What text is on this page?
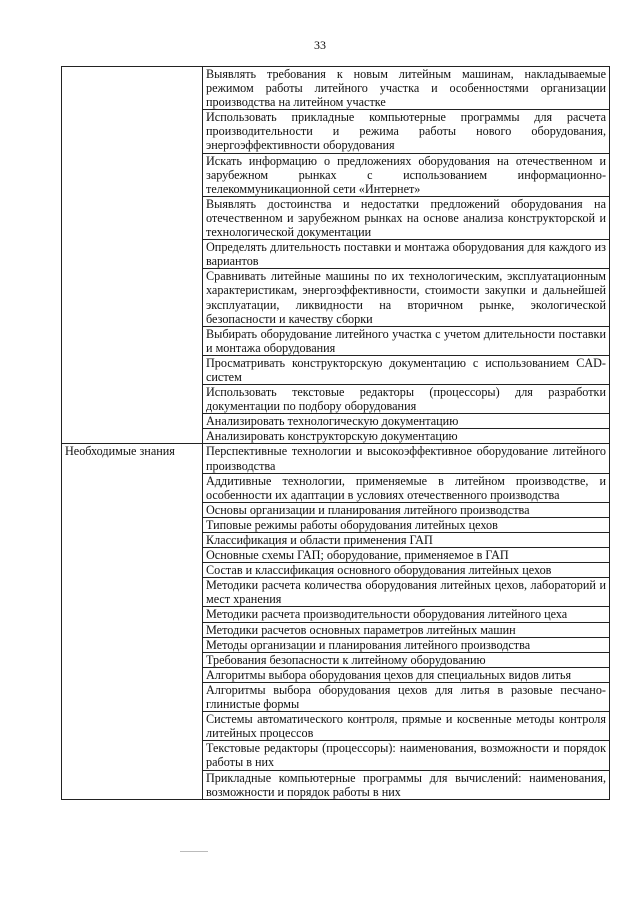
33
	Выявлять требования к новым литейным машинам, накладываемые режимом работы литейного участка и особенностями организации производства на литейном участке
	Использовать прикладные компьютерные программы для расчета производительности и режима работы нового оборудования, энергоэффективности оборудования
	Искать информацию о предложениях оборудования на отечественном и зарубежном рынках с использованием информационно-телекоммуникационной сети «Интернет»
	Выявлять достоинства и недостатки предложений оборудования на отечественном и зарубежном рынках на основе анализа конструкторской и технологической документации
	Определять длительность поставки и монтажа оборудования для каждого из вариантов
	Сравнивать литейные машины по их технологическим, эксплуатационным характеристикам, энергоэффективности, стоимости закупки и дальнейшей эксплуатации, ликвидности на вторичном рынке, экологической безопасности и качеству сборки
	Выбирать оборудование литейного участка с учетом длительности поставки и монтажа оборудования
	Просматривать конструкторскую документацию с использованием CAD-систем
	Использовать текстовые редакторы (процессоры) для разработки документации по подбору оборудования
	Анализировать технологическую документацию
	Анализировать конструкторскую документацию
Необходимые знания	Перспективные технологии и высокоэффективное оборудование литейного производства
	Аддитивные технологии, применяемые в литейном производстве, и особенности их адаптации в условиях отечественного производства
	Основы организации и планирования литейного производства
	Типовые режимы работы оборудования литейных цехов
	Классификация и области применения ГАП
	Основные схемы ГАП; оборудование, применяемое в ГАП
	Состав и классификация основного оборудования литейных цехов
	Методики расчета количества оборудования литейных цехов, лабораторий и мест хранения
	Методики расчета производительности оборудования литейного цеха
	Методики расчетов основных параметров литейных машин
	Методы организации и планирования литейного производства
	Требования безопасности к литейному оборудованию
	Алгоритмы выбора оборудования цехов для специальных видов литья
	Алгоритмы выбора оборудования цехов для литья в разовые песчано-глинистые формы
	Системы автоматического контроля, прямые и косвенные методы контроля литейных процессов
	Текстовые редакторы (процессоры): наименования, возможности и порядок работы в них
	Прикладные компьютерные программы для вычислений: наименования, возможности и порядок работы в них
